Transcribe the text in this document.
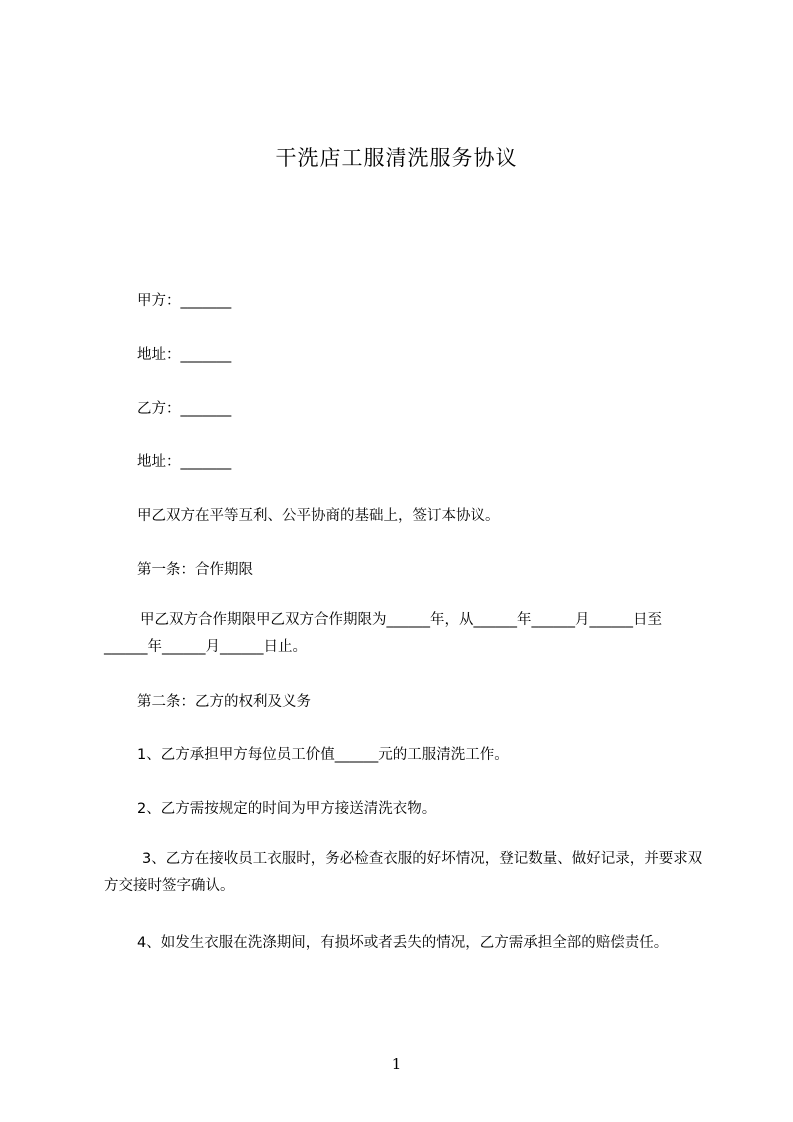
干洗店工服清洗服务协议
甲方：_______
地址：_______
乙方：_______
地址：_______
甲乙双方在平等互利、公平协商的基础上，签订本协议。
第一条：合作期限
甲乙双方合作期限甲乙双方合作期限为______年，从______年______月______日至______年______月______日止。
第二条：乙方的权利及义务
1、乙方承担甲方每位员工价值______元的工服清洗工作。
2、乙方需按规定的时间为甲方接送清洗衣物。
3、乙方在接收员工衣服时，务必检查衣服的好坏情况，登记数量、做好记录，并要求双方交接时签字确认。
4、如发生衣服在洗涤期间，有损坏或者丢失的情况，乙方需承担全部的赔偿责任。
1
